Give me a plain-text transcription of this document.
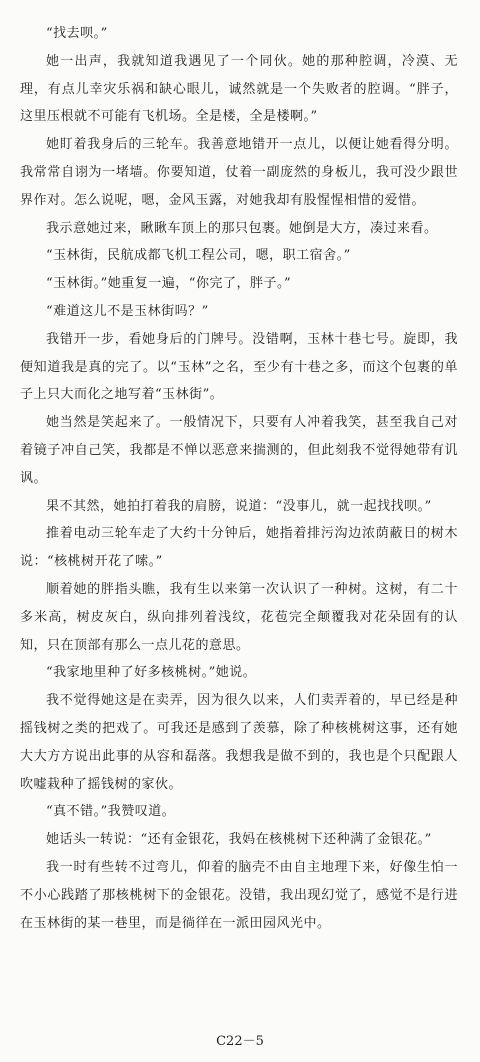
“找去呗。”

她一出声，我就知道我遇见了一个同伙。她的那种腔调，冷漠、无理，有点儿幸灾乐祸和缺心眼儿，诚然就是一个失败者的腔调。“胖子，这里压根就不可能有飞机场。全是楼，全是楼啊。”

她盯着我身后的三轮车。我善意地错开一点儿，以便让她看得分明。我常常自诩为一堵墙。你要知道，仗着一副庞然的身板儿，我可没少跟世界作对。怎么说呢，嗯，金风玉露，对她我却有股惺惺相惜的爱惜。

我示意她过来，瞅瞅车顶上的那只包裹。她倒是大方，凑过来看。

“玉林街，民航成都飞机工程公司，嗯，职工宿舍。”

“玉林街。”她重复一遍，“你完了，胖子。”

“难道这儿不是玉林街吗？”

我错开一步，看她身后的门牌号。没错啊，玉林十巷七号。旋即，我便知道我是真的完了。以“玉林”之名，至少有十巷之多，而这个包裹的单子上只大而化之地写着“玉林街”。

她当然是笑起来了。一般情况下，只要有人冲着我笑，甚至我自己对着镜子冲自己笑，我都是不惮以恶意来揣测的，但此刻我不觉得她带有讥讽。

果不其然，她拍打着我的肩膀，说道：“没事儿，就一起找找呗。”

推着电动三轮车走了大约十分钟后，她指着排污沟边浓荫蔽日的树木说：“核桃树开花了嗦。”

顺着她的胖指头瞧，我有生以来第一次认识了一种树。这树，有二十多米高，树皮灰白，纵向排列着浅纹，花苞完全颠覆我对花朵固有的认知，只在顶部有那么一点儿花的意思。

“我家地里种了好多核桃树。”她说。

我不觉得她这是在卖弄，因为很久以来，人们卖弄着的，早已经是种摇钱树之类的把戏了。可我还是感到了羡慕，除了种核桃树这事，还有她大大方方说出此事的从容和磊落。我想我是做不到的，我也是个只配跟人吹嘘栽种了摇钱树的家伙。

“真不错。”我赞叹道。

她话头一转说：“还有金银花，我妈在核桃树下还种满了金银花。”

我一时有些转不过弯儿，仰着的脑壳不由自主地理下来，好像生怕一不小心践踏了那核桃树下的金银花。没错，我出现幻觉了，感觉不是行进在玉林街的某一巷里，而是徜徉在一派田园风光中。

C22－5
